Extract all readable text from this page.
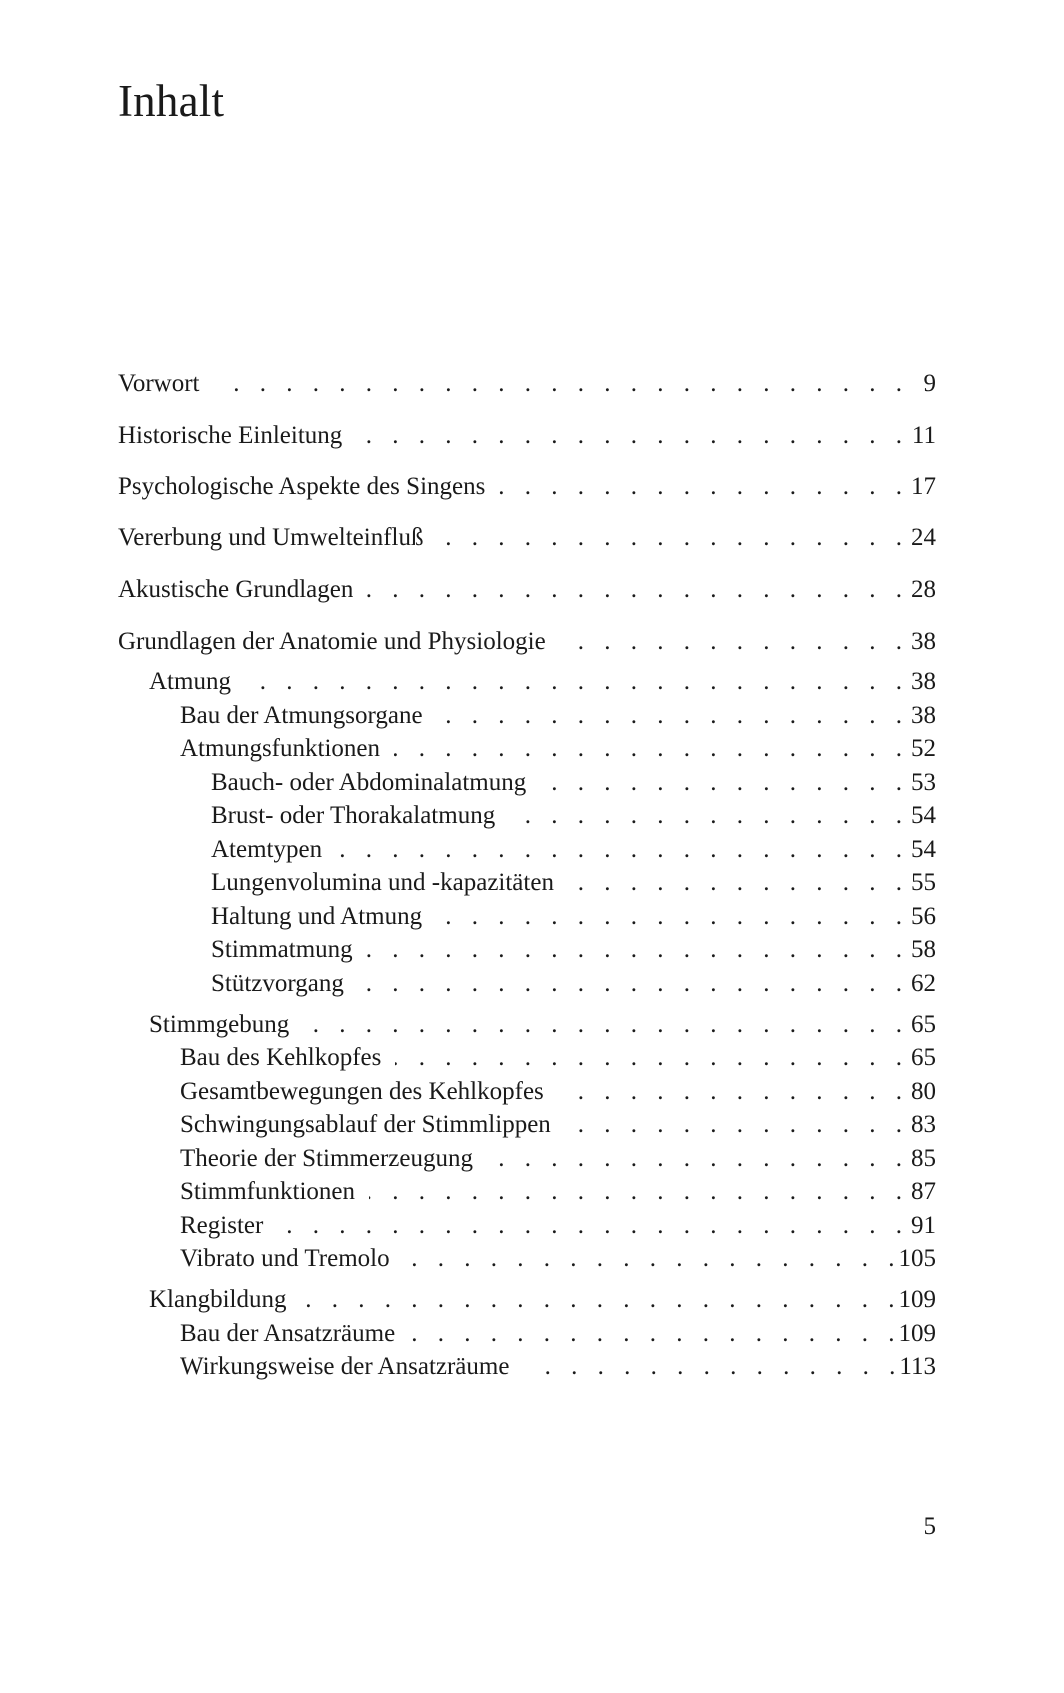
Inhalt
Vorwort . . .	9
Historische Einleitung . . .	11
Psychologische Aspekte des Singens . . .	17
Vererbung und Umwelteinfluß . . .	24
Akustische Grundlagen . . .	28
Grundlagen der Anatomie und Physiologie . . .	38
Atmung . . .	38
Bau der Atmungsorgane . . .	38
Atmungsfunktionen . . .	52
Bauch- oder Abdominalatmung . . .	53
Brust- oder Thorakalatmung . . .	54
Atemtypen . . .	54
Lungenvolumina und -kapazitäten . . .	55
Haltung und Atmung . . .	56
Stimmatmung . . .	58
Stützvorgang . . .	62
Stimmgebung . . .	65
Bau des Kehlkopfes . . .	65
Gesamtbewegungen des Kehlkopfes . . .	80
Schwingungsablauf der Stimmlippen . . .	83
Theorie der Stimmerzeugung . . .	85
Stimmfunktionen . . .	87
Register . . .	91
Vibrato und Tremolo . . .	105
Klangbildung . . .	109
Bau der Ansatzräume . . .	109
Wirkungsweise der Ansatzräume . . .	113
5
